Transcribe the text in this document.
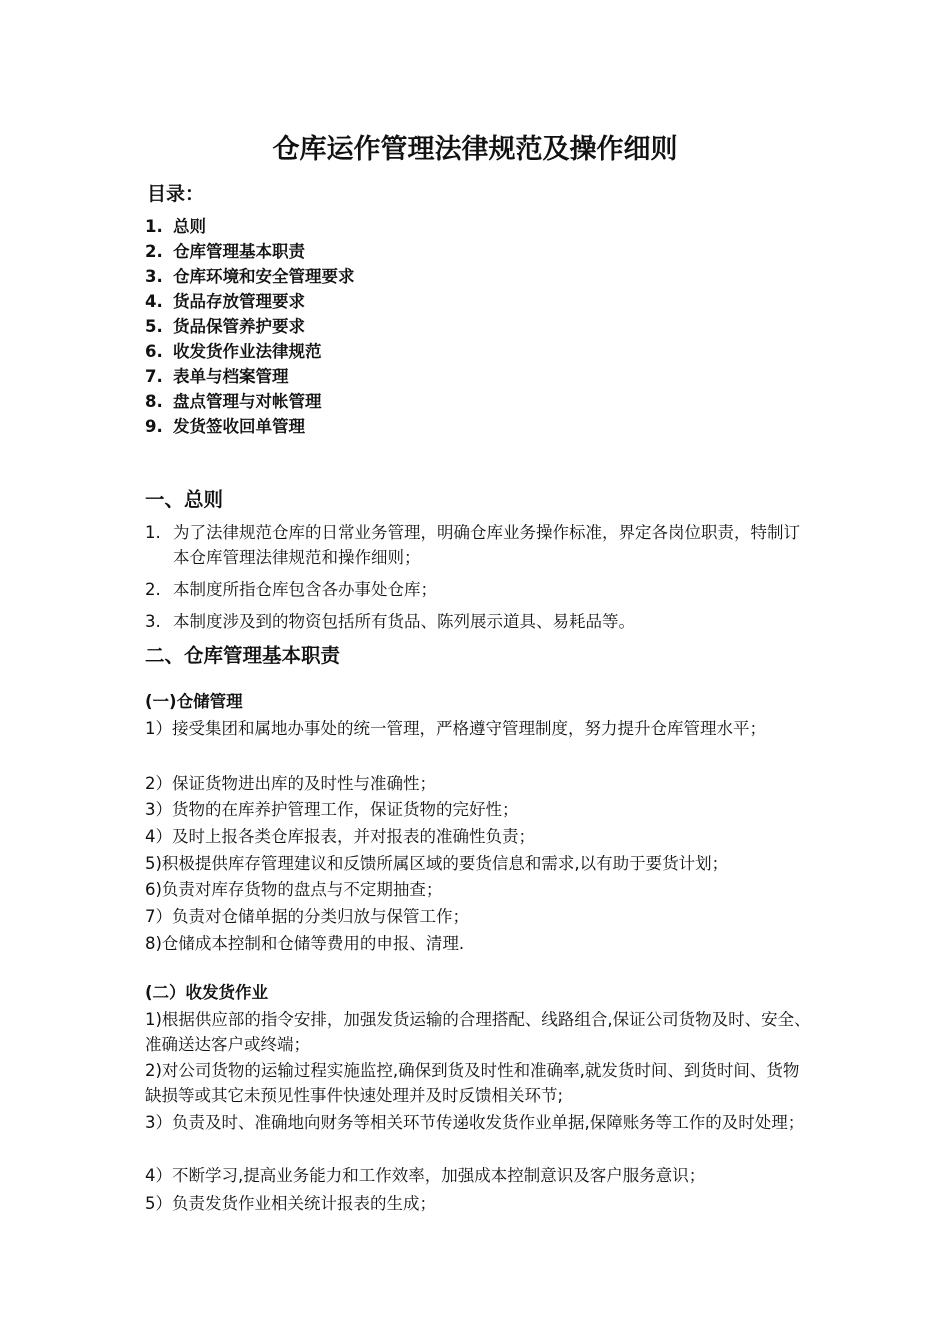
仓库运作管理法律规范及操作细则
目录：
1. 总则
2. 仓库管理基本职责
3. 仓库环境和安全管理要求
4. 货品存放管理要求
5. 货品保管养护要求
6. 收发货作业法律规范
7. 表单与档案管理
8. 盘点管理与对帐管理
9. 发货签收回单管理
一、总则
1. 为了法律规范仓库的日常业务管理，明确仓库业务操作标准，界定各岗位职责，特制订本仓库管理法律规范和操作细则；
2. 本制度所指仓库包含各办事处仓库；
3. 本制度涉及到的物资包括所有货品、陈列展示道具、易耗品等。
二、仓库管理基本职责
(一)仓储管理
1）接受集团和属地办事处的统一管理，严格遵守管理制度，努力提升仓库管理水平；
2）保证货物进出库的及时性与准确性；
3）货物的在库养护管理工作，保证货物的完好性；
4）及时上报各类仓库报表，并对报表的准确性负责；
5)积极提供库存管理建议和反馈所属区域的要货信息和需求,以有助于要货计划；
6)负责对库存货物的盘点与不定期抽查；
7）负责对仓储单据的分类归放与保管工作；
8)仓储成本控制和仓储等费用的申报、清理.
(二）收发货作业
1)根据供应部的指令安排，加强发货运输的合理搭配、线路组合,保证公司货物及时、安全、准确送达客户或终端；
2)对公司货物的运输过程实施监控,确保到货及时性和准确率,就发货时间、到货时间、货物缺损等或其它未预见性事件快速处理并及时反馈相关环节;
3）负责及时、准确地向财务等相关环节传递收发货作业单据,保障账务等工作的及时处理；
4）不断学习,提高业务能力和工作效率，加强成本控制意识及客户服务意识；
5）负责发货作业相关统计报表的生成；
